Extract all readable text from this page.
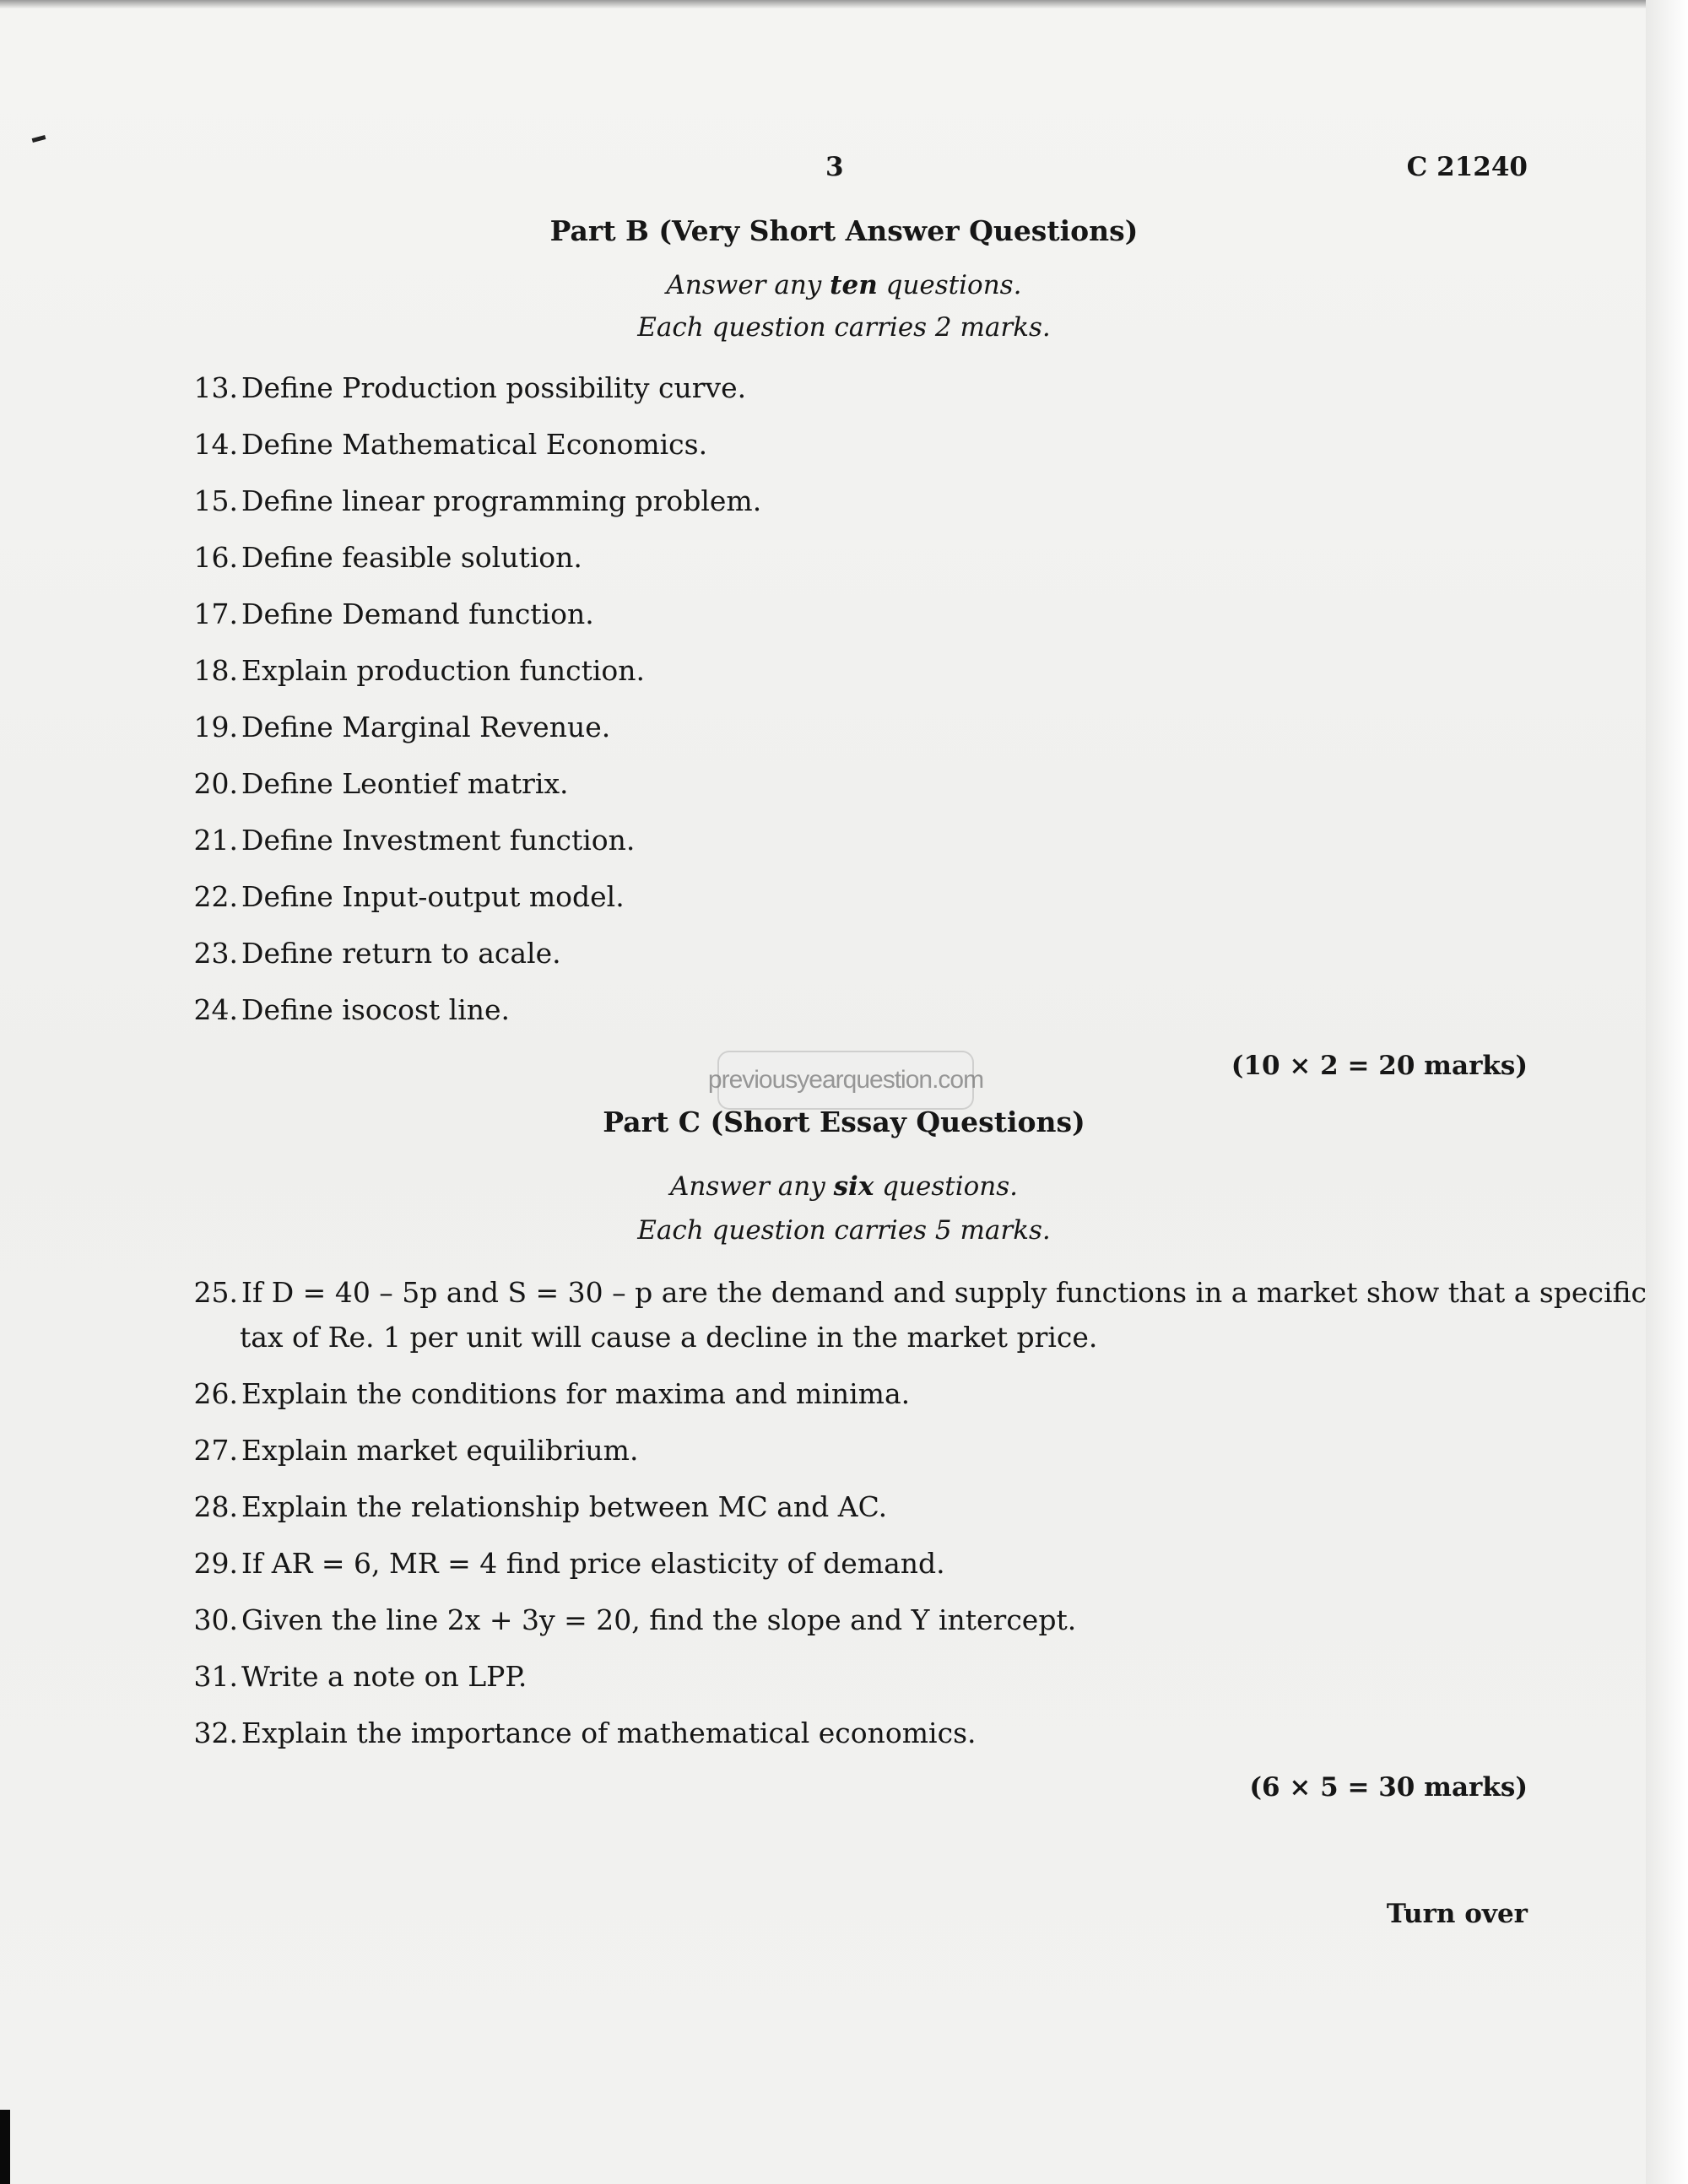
3	C 21240
Part B (Very Short Answer Questions)
Answer any ten questions.
Each question carries 2 marks.
13. Define Production possibility curve.
14. Define Mathematical Economics.
15. Define linear programming problem.
16. Define feasible solution.
17. Define Demand function.
18. Explain production function.
19. Define Marginal Revenue.
20. Define Leontief matrix.
21. Define Investment function.
22. Define Input-output model.
23. Define return to acale.
24. Define isocost line.
(10 × 2 = 20 marks)
previousyearquestion.com
Part C (Short Essay Questions)
Answer any six questions.
Each question carries 5 marks.
25. If D = 40 – 5p and S = 30 – p are the demand and supply functions in a market show that a specific
tax of Re. 1 per unit will cause a decline in the market price.
26. Explain the conditions for maxima and minima.
27. Explain market equilibrium.
28. Explain the relationship between MC and AC.
29. If AR = 6, MR = 4 find price elasticity of demand.
30. Given the line 2x + 3y = 20, find the slope and Y intercept.
31. Write a note on LPP.
32. Explain the importance of mathematical economics.
(6 × 5 = 30 marks)
Turn over
